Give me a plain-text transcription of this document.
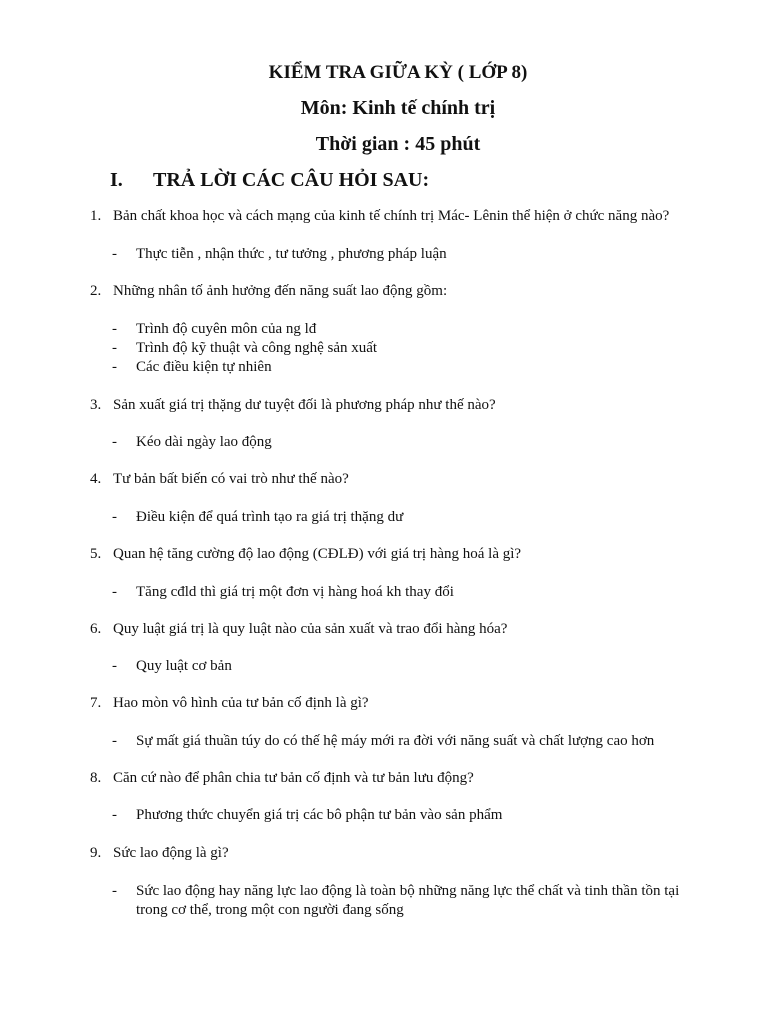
KIỂM TRA GIỮA KỲ ( LỚP 8)
Môn: Kinh tế chính trị
Thời gian : 45 phút
I. TRẢ LỜI CÁC CÂU HỎI SAU:
1. Bản chất khoa học và cách mạng của kinh tế chính trị Mác- Lênin thể hiện ở chức năng nào?
- Thực tiễn , nhận thức , tư tưởng , phương pháp luận
2. Những nhân tố ảnh hưởng đến năng suất lao động gồm:
- Trình độ cuyên môn của ng lđ
- Trình độ kỹ thuật và công nghệ sản xuất
- Các điều kiện tự nhiên
3. Sản xuất giá trị thặng dư tuyệt đối là phương pháp như thế nào?
- Kéo dài ngày lao động
4. Tư bản bất biến có vai trò như thế nào?
- Điều kiện để quá trình tạo ra giá trị thặng dư
5. Quan hệ tăng cường độ lao động (CĐLĐ) với giá trị hàng hoá là gì?
- Tăng cđld thì giá trị một đơn vị hàng hoá kh thay đổi
6. Quy luật giá trị là quy luật nào của sản xuất và trao đổi hàng hóa?
- Quy luật cơ bản
7. Hao mòn vô hình của tư bản cố định là gì?
- Sự mất giá thuần túy do có thế hệ máy mới ra đời với năng suất và chất lượng cao hơn
8. Căn cứ nào để phân chia tư bản cố định và tư bản lưu động?
- Phương thức chuyển giá trị các bô phận tư bản vào sản phẩm
9. Sức lao động là gì?
- Sức lao động hay năng lực lao động là toàn bộ những năng lực thể chất và tinh thần tồn tại trong cơ thể, trong một con người đang sống
